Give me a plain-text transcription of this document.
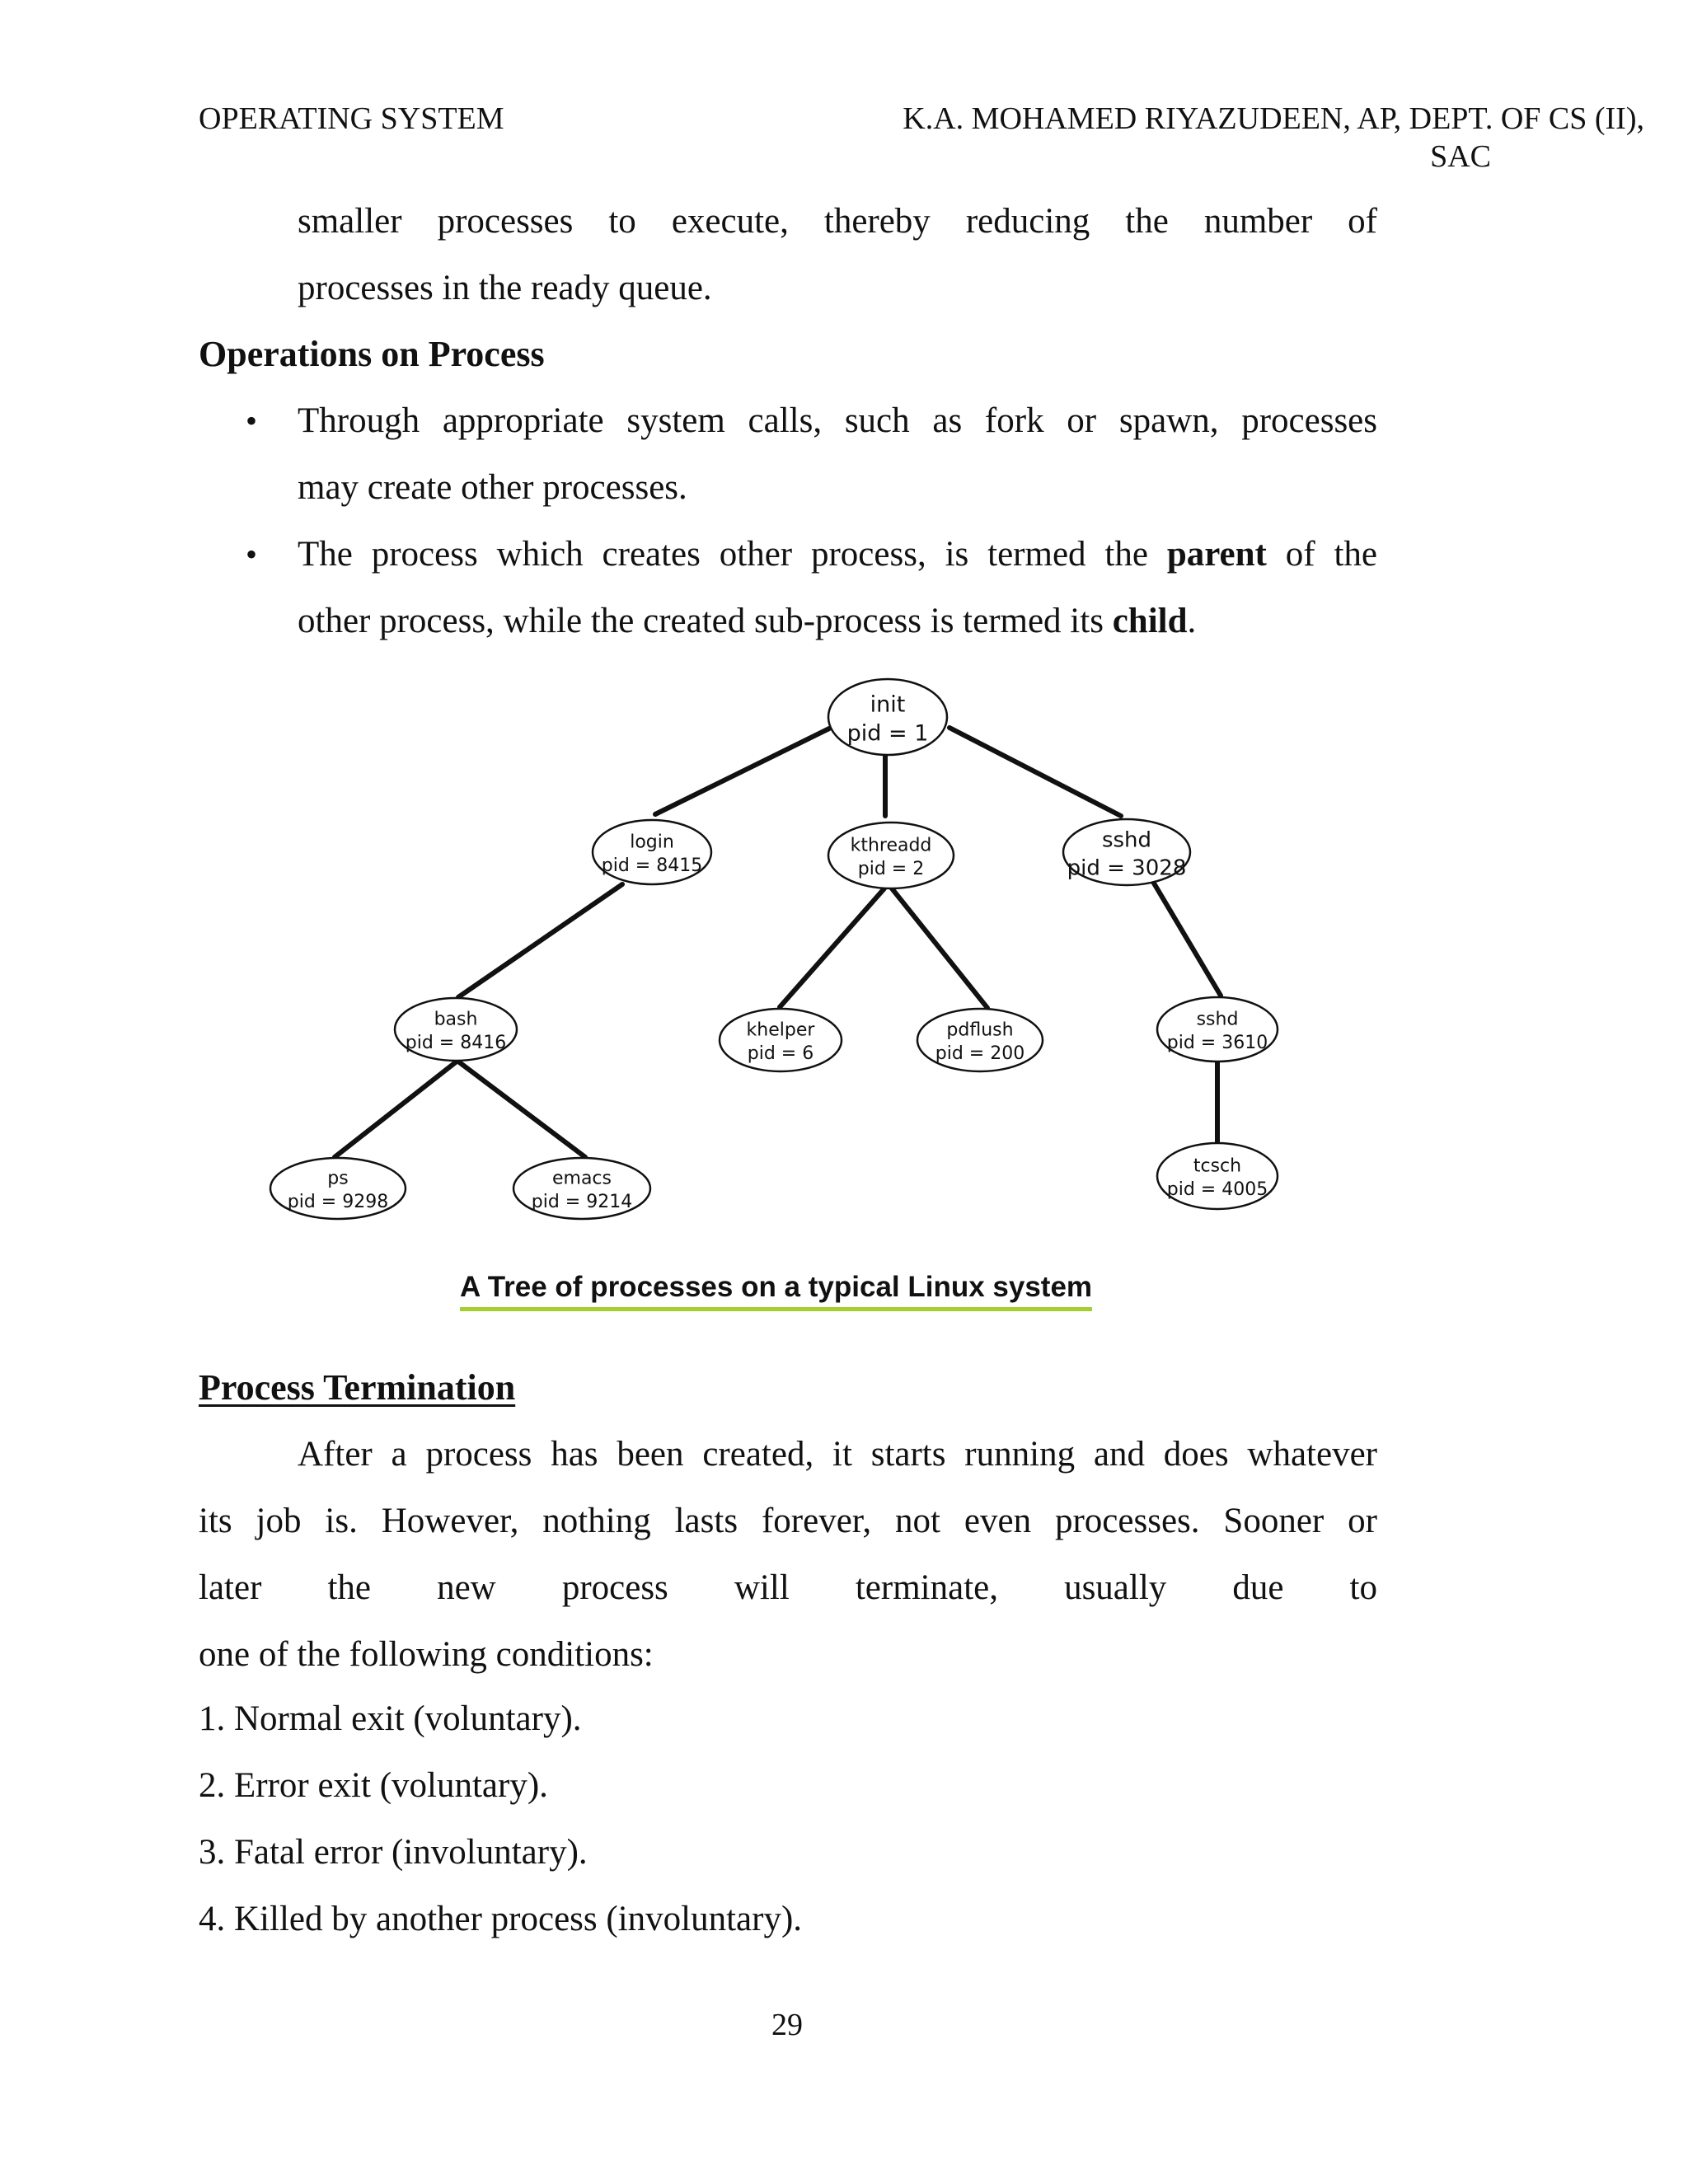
OPERATING SYSTEM	K.A. MOHAMED RIYAZUDEEN, AP, DEPT. OF CS (II),
SAC
smaller processes to execute, thereby reducing the number of
processes in the ready queue.
Operations on Process
• Through appropriate system calls, such as fork or spawn, processes
may create other processes.
• The process which creates other process, is termed the parent of the
other process, while the created sub-process is termed its child.
init
pid = 1
login
pid = 8415
kthreadd
pid = 2
sshd
pid = 3028
bash
pid = 8416
khelper
pid = 6
pdflush
pid = 200
sshd
pid = 3610
ps
pid = 9298
emacs
pid = 9214
tcsch
pid = 4005
A Tree of processes on a typical Linux system
Process Termination
After a process has been created, it starts running and does whatever
its job is. However, nothing lasts forever, not even processes. Sooner or
later the new process will terminate, usually due to
one of the following conditions:
1. Normal exit (voluntary).
2. Error exit (voluntary).
3. Fatal error (involuntary).
4. Killed by another process (involuntary).
29
